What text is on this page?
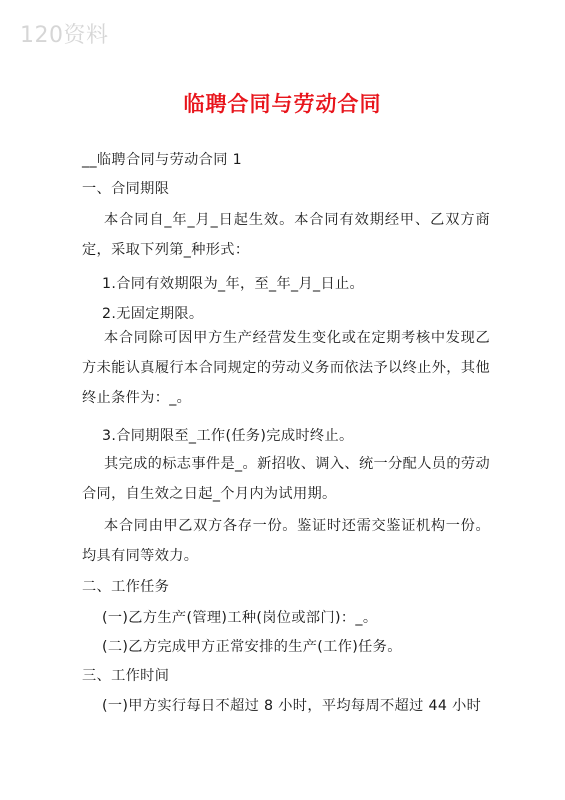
120资料
临聘合同与劳动合同
__临聘合同与劳动合同 1
一、合同期限
本合同自_年_月_日起生效。本合同有效期经甲、乙双方商定，采取下列第_种形式：
1.合同有效期限为_年，至_年_月_日止。
2.无固定期限。
本合同除可因甲方生产经营发生变化或在定期考核中发现乙方未能认真履行本合同规定的劳动义务而依法予以终止外，其他终止条件为：_。
3.合同期限至_工作(任务)完成时终止。
其完成的标志事件是_。新招收、调入、统一分配人员的劳动合同，自生效之日起_个月内为试用期。
本合同由甲乙双方各存一份。鉴证时还需交鉴证机构一份。均具有同等效力。
二、工作任务
(一)乙方生产(管理)工种(岗位或部门)：_。
(二)乙方完成甲方正常安排的生产(工作)任务。
三、工作时间
(一)甲方实行每日不超过 8 小时，平均每周不超过 44 小时
